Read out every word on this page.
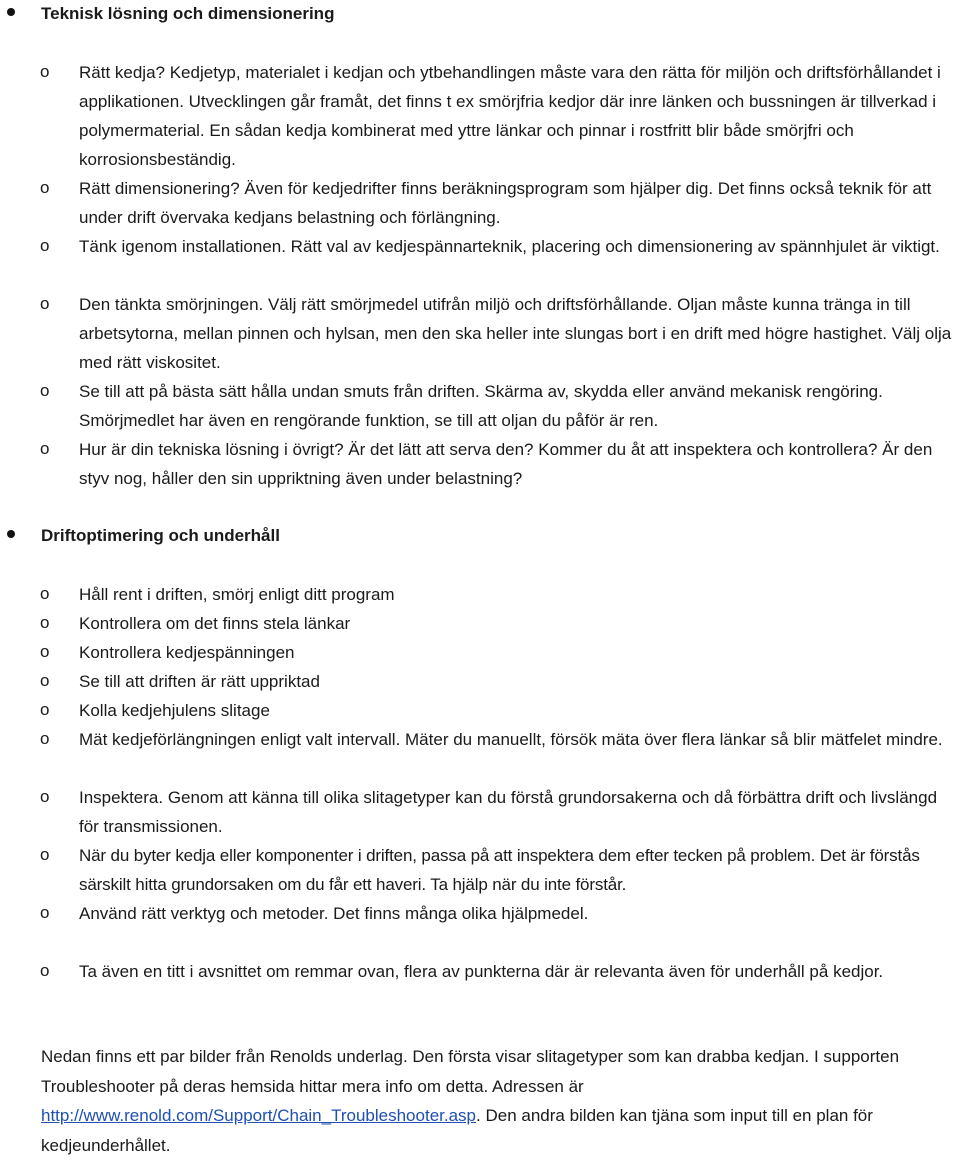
Teknisk lösning och dimensionering
o Rätt kedja? Kedjetyp, materialet i kedjan och ytbehandlingen måste vara den rätta för miljön och driftsförhållandet i applikationen. Utvecklingen går framåt, det finns t ex smörjfria kedjor där inre länken och bussningen är tillverkad i polymermaterial. En sådan kedja kombinerat med yttre länkar och pinnar i rostfritt blir både smörjfri och korrosionsbeständig.
o Rätt dimensionering? Även för kedjedrifter finns beräkningsprogram som hjälper dig. Det finns också teknik för att under drift övervaka kedjans belastning och förlängning.
o Tänk igenom installationen. Rätt val av kedjespännarteknik, placering och dimensionering av spännhjulet är viktigt.
o Den tänkta smörjningen. Välj rätt smörjmedel utifrån miljö och driftsförhållande. Oljan måste kunna tränga in till arbetsytorna, mellan pinnen och hylsan, men den ska heller inte slungas bort i en drift med högre hastighet. Välj olja med rätt viskositet.
o Se till att på bästa sätt hålla undan smuts från driften. Skärma av, skydda eller använd mekanisk rengöring. Smörjmedlet har även en rengörande funktion, se till att oljan du påför är ren.
o Hur är din tekniska lösning i övrigt? Är det lätt att serva den? Kommer du åt att inspektera och kontrollera? Är den styv nog, håller den sin uppriktning även under belastning?
Driftoptimering och underhåll
o Håll rent i driften, smörj enligt ditt program
o Kontrollera om det finns stela länkar
o Kontrollera kedjespänningen
o Se till att driften är rätt uppriktad
o Kolla kedjehjulens slitage
o Mät kedjeförlängningen enligt valt intervall. Mäter du manuellt, försök mäta över flera länkar så blir mätfelet mindre.
o Inspektera. Genom att känna till olika slitagetyper kan du förstå grundorsakerna och då förbättra drift och livslängd för transmissionen.
o När du byter kedja eller komponenter i driften, passa på att inspektera dem efter tecken på problem. Det är förstås särskilt hitta grundorsaken om du får ett haveri. Ta hjälp när du inte förstår.
o Använd rätt verktyg och metoder. Det finns många olika hjälpmedel.
o Ta även en titt i avsnittet om remmar ovan, flera av punkterna där är relevanta även för underhåll på kedjor.
Nedan finns ett par bilder från Renolds underlag. Den första visar slitagetyper som kan drabba kedjan. I supporten Troubleshooter på deras hemsida hittar mera info om detta. Adressen är http://www.renold.com/Support/Chain_Troubleshooter.asp. Den andra bilden kan tjäna som input till en plan för kedjeunderhållet.
